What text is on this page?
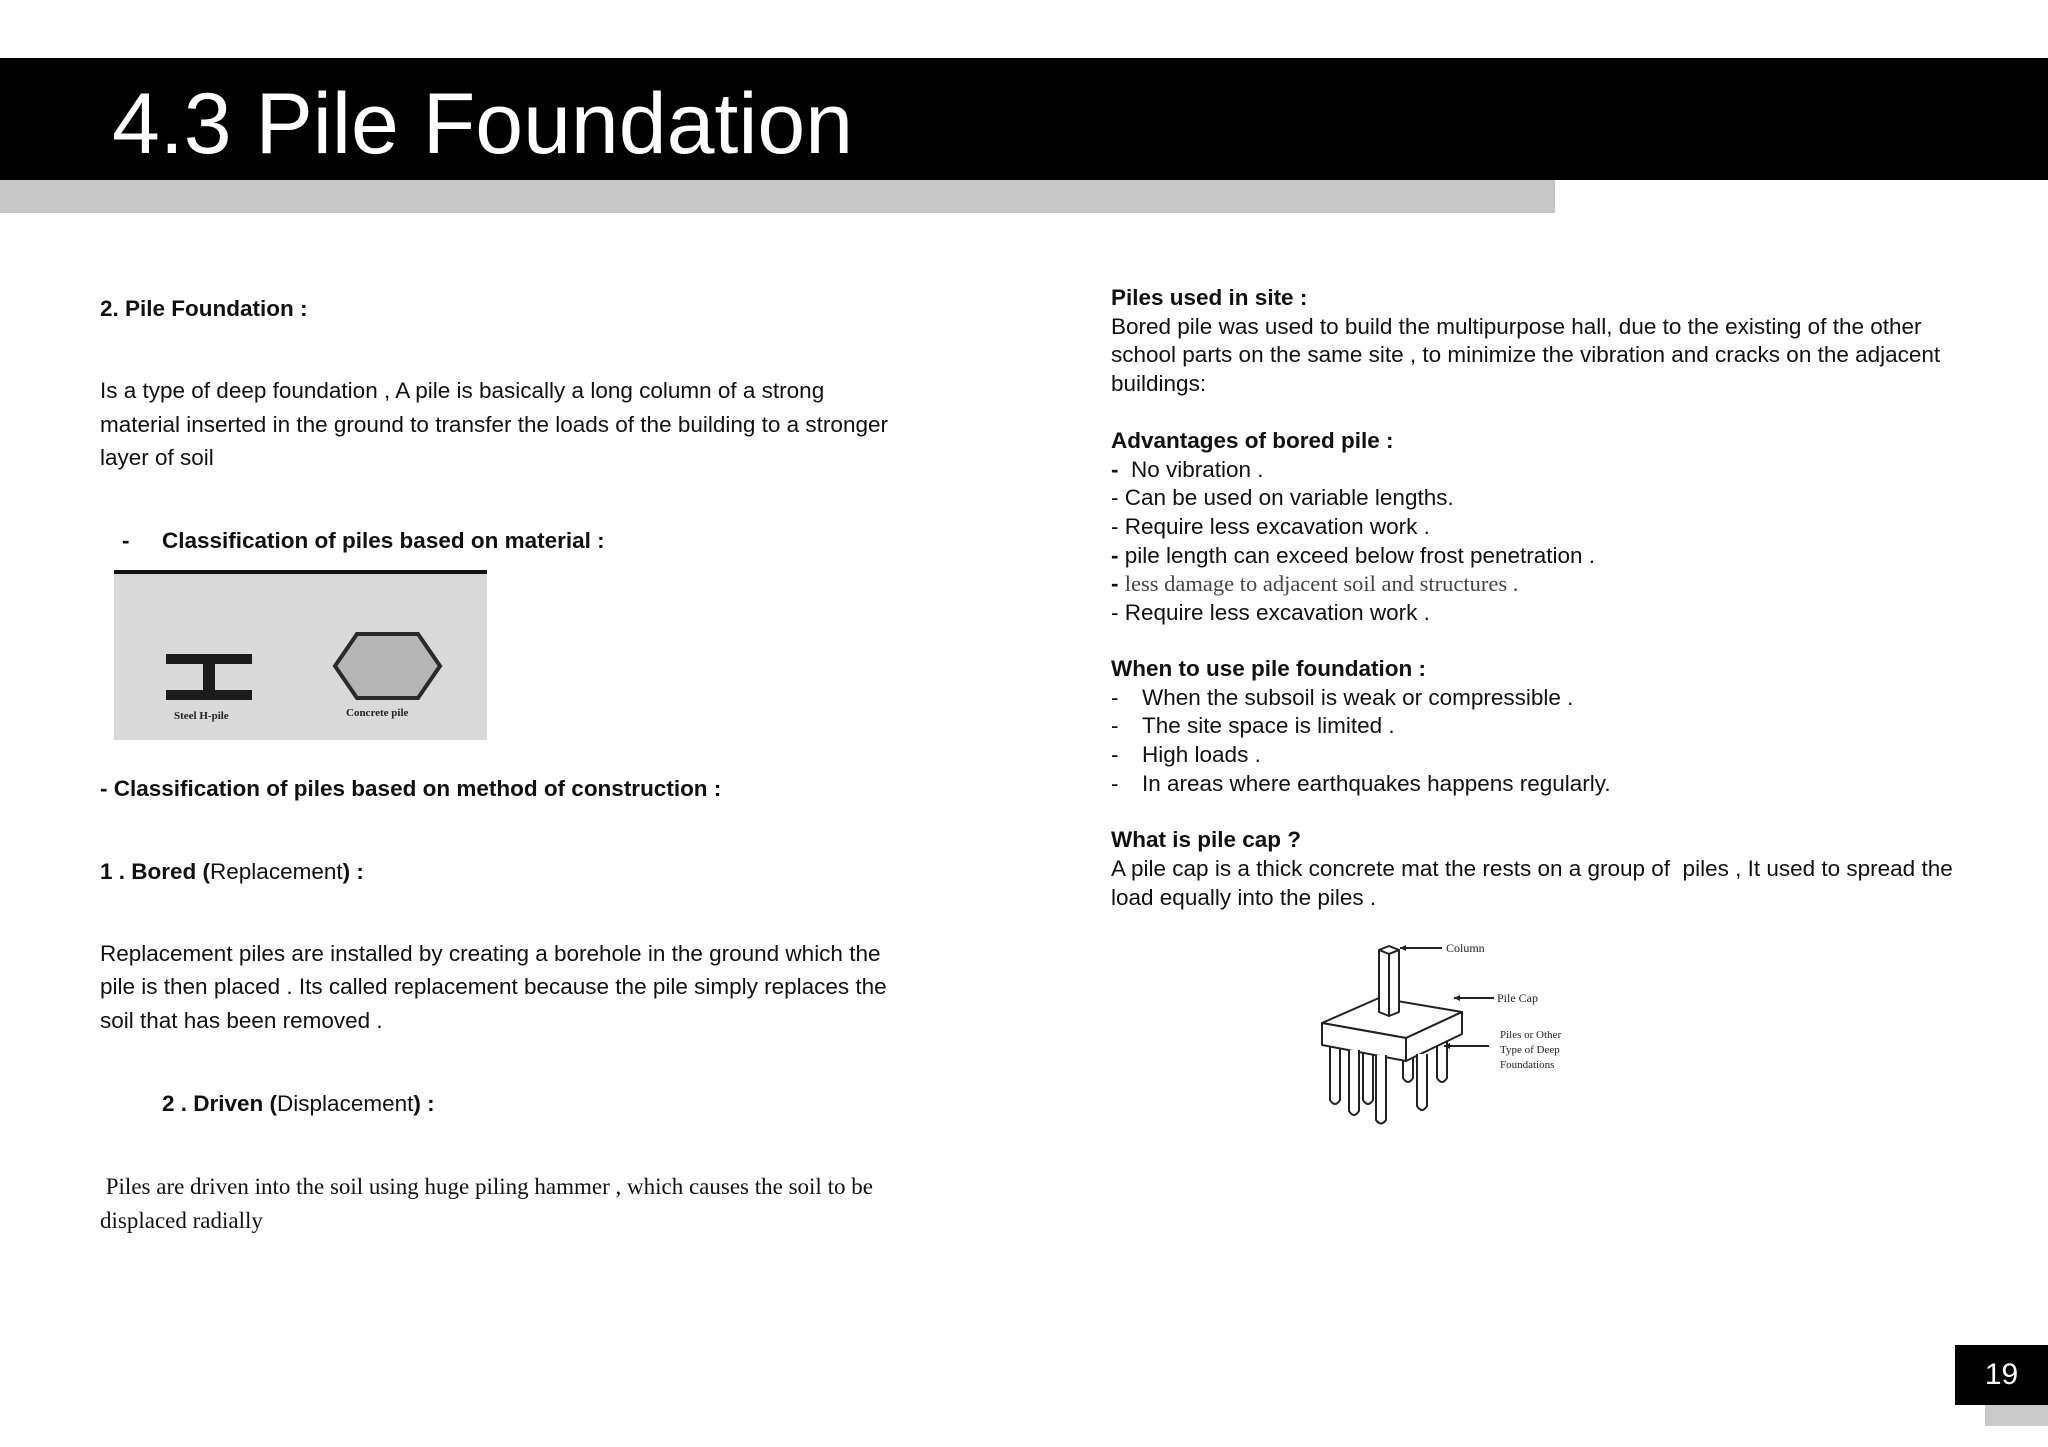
4.3 Pile Foundation

2. Pile Foundation :

Is a type of deep foundation , A pile is basically a long column of a strong

material inserted in the ground to transfer the loads of the building to a stronger

layer of soil

- Classification of piles based on material :

Steel H-pile	Concrete pile

- Classification of piles based on method of construction :

1 . Bored (Replacement) :

Replacement piles are installed by creating a borehole in the ground which the

pile is then placed . Its called replacement because the pile simply replaces the

soil that has been removed .

2 . Driven (Displacement) :

Piles are driven into the soil using huge piling hammer , which causes the soil to be

displaced radially

Piles used in site :

Bored pile was used to build the multipurpose hall, due to the existing of the other

school parts on the same site , to minimize the vibration and cracks on the adjacent

buildings:

Advantages of bored pile :

-  No vibration .

- Can be used on variable lengths.

- Require less excavation work .

- pile length can exceed below frost penetration .

- less damage to adjacent soil and structures .

- Require less excavation work .

When to use pile foundation :

- When the subsoil is weak or compressible .
- The site space is limited .
- High loads .
- In areas where earthquakes happens regularly.

What is pile cap ?

A pile cap is a thick concrete mat the rests on a group of  piles , It used to spread the

load equally into the piles .

Column
Pile Cap
Piles or Other
Type of Deep
Foundations
19
